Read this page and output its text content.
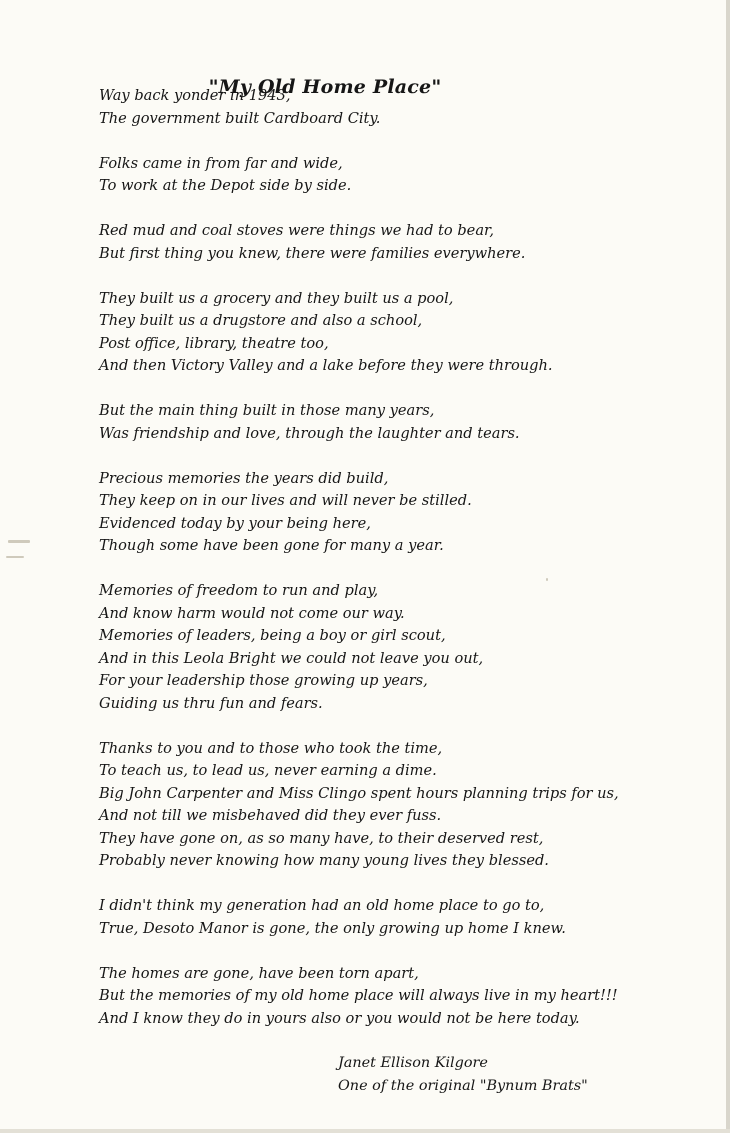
"My Old Home Place"
Way back yonder in 1943,
The government built Cardboard City.
Folks came in from far and wide,
To work at the Depot side by side.
Red mud and coal stoves were things we had to bear,
But first thing you knew, there were families everywhere.
They built us a grocery and they built us a pool,
They built us a drugstore and also a school,
Post office, library, theatre too,
And then Victory Valley and a lake before they were through.
But the main thing built in those many years,
Was friendship and love, through the laughter and tears.
Precious memories the years did build,
They keep on in our lives and will never be stilled.
Evidenced today by your being here,
Though some have been gone for many a year.
Memories of freedom to run and play,
And know harm would not come our way.
Memories of leaders, being a boy or girl scout,
And in this Leola Bright we could not leave you out,
For your leadership those growing up years,
Guiding us thru fun and fears.
Thanks to you and to those who took the time,
To teach us, to lead us, never earning a dime.
Big John Carpenter and Miss Clingo spent hours planning trips for us,
And not till we misbehaved did they ever fuss.
They have gone on, as so many have, to their deserved rest,
Probably never knowing how many young lives they blessed.
I didn't think my generation had an old home place to go to,
True, Desoto Manor is gone, the only growing up home I knew.
The homes are gone, have been torn apart,
But the memories of my old home place will always live in my heart!!!
And I know they do in yours also or you would not be here today.
Janet Ellison Kilgore
One of the original "Bynum Brats"
